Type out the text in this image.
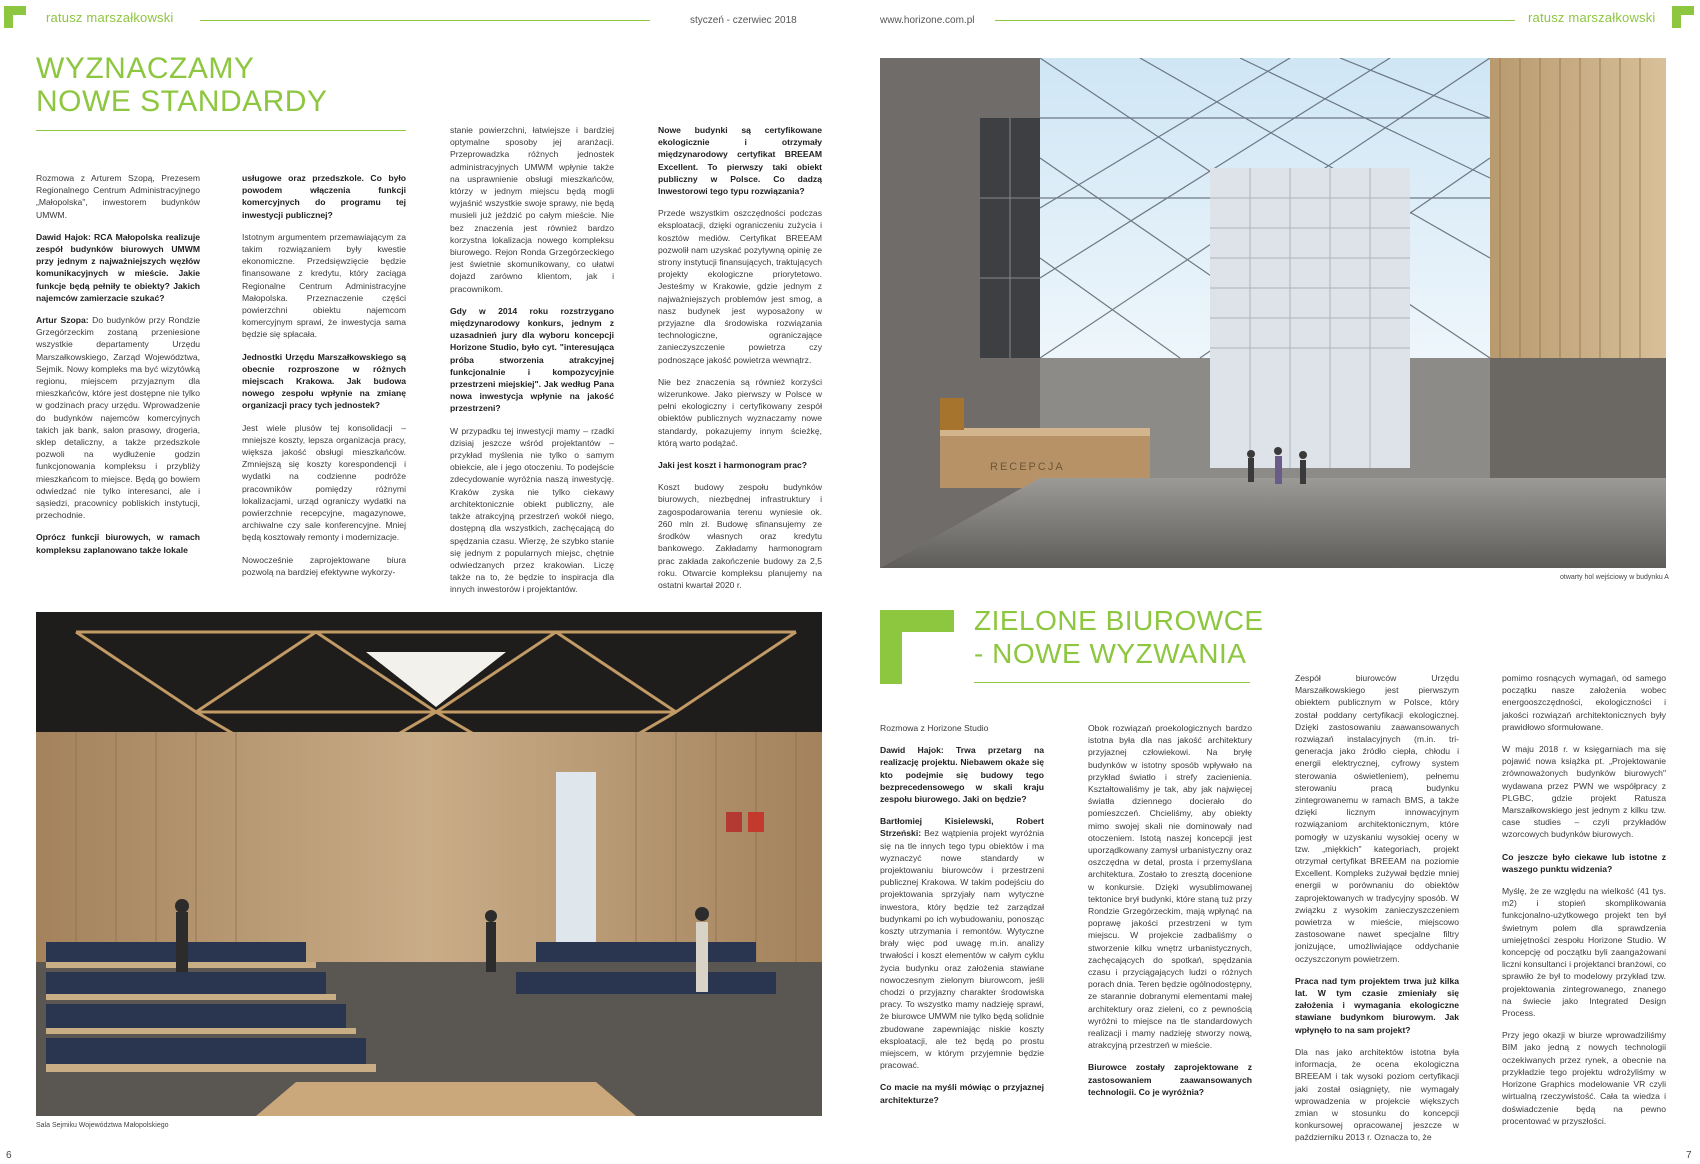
ratusz marszałkowski	styczeń - czerwiec 2018	www.horizone.com.pl	ratusz marszałkowski
WYZNACZAMY
NOWE STANDARDY

Rozmowa z Arturem Szopą, Prezesem Regionalnego Centrum Administracyjnego „Małopolska", inwestorem budynków UMWM.

Dawid Hajok: RCA Małopolska realizuje zespół budynków biurowych UMWM przy jednym z najważniejszych węzłów komunikacyjnych w mieście. Jakie funkcje będą pełniły te obiekty? Jakich najemców zamierzacie szukać?

Artur Szopa: Do budynków przy Rondzie Grzegórzeckim zostaną przeniesione wszystkie departamenty Urzędu Marszałkowskiego, Zarząd Województwa, Sejmik. Nowy kompleks ma być wizytówką regionu, miejscem przyjaznym dla mieszkańców, które jest dostępne nie tylko w godzinach pracy urzędu. Wprowadzenie do budynków najemców komercyjnych takich jak bank, salon prasowy, drogeria, sklep detaliczny, a także przedszkole pozwoli na wydłużenie godzin funkcjonowania kompleksu i przybliży mieszkańcom to miejsce. Będą go bowiem odwiedzać nie tylko interesanci, ale i sąsiedzi, pracownicy pobliskich instytucji, przechodnie.

Oprócz funkcji biurowych, w ramach kompleksu zaplanowano także lokale

usługowe oraz przedszkole. Co było powodem włączenia funkcji komercyjnych do programu tej inwestycji publicznej?

Istotnym argumentem przemawiającym za takim rozwiązaniem były kwestie ekonomiczne. Przedsięwzięcie będzie finansowane z kredytu, który zaciąga Regionalne Centrum Administracyjne Małopolska. Przeznaczenie części powierzchni obiektu najemcom komercyjnym sprawi, że inwestycja sama będzie się spłacała.

Jednostki Urzędu Marszałkowskiego są obecnie rozproszone w różnych miejscach Krakowa. Jak budowa nowego zespołu wpłynie na zmianę organizacji pracy tych jednostek?

Jest wiele plusów tej konsolidacji – mniejsze koszty, lepsza organizacja pracy, większa jakość obsługi mieszkańców. Zmniejszą się koszty korespondencji i wydatki na codzienne podróże pracowników pomiędzy różnymi lokalizacjami, urząd ograniczy wydatki na powierzchnie recepcyjne, magazynowe, archiwalne czy sale konferencyjne. Mniej będą kosztowały remonty i modernizacje.

Nowocześnie zaprojektowane biura pozwolą na bardziej efektywne wykorzy-

stanie powierzchni, łatwiejsze i bardziej optymalne sposoby jej aranżacji. Przeprowadzka różnych jednostek administracyjnych UMWM wpłynie także na usprawnienie obsługi mieszkańców, którzy w jednym miejscu będą mogli wyjaśnić wszystkie swoje sprawy, nie będą musieli już jeździć po całym mieście. Nie bez znaczenia jest również bardzo korzystna lokalizacja nowego kompleksu biurowego. Rejon Ronda Grzegórzeckiego jest świetnie skomunikowany, co ułatwi dojazd zarówno klientom, jak i pracownikom.

Gdy w 2014 roku rozstrzygano międzynarodowy konkurs, jednym z uzasadnień jury dla wyboru koncepcji Horizone Studio, było cyt. "interesująca próba stworzenia atrakcyjnej funkcjonalnie i kompozycyjnie przestrzeni miejskiej". Jak według Pana nowa inwestycja wpłynie na jakość przestrzeni?

W przypadku tej inwestycji mamy – rzadki dzisiaj jeszcze wśród projektantów – przykład myślenia nie tylko o samym obiekcie, ale i jego otoczeniu. To podejście zdecydowanie wyróżnia naszą inwestycję. Kraków zyska nie tylko ciekawy architektonicznie obiekt publiczny, ale także atrakcyjną przestrzeń wokół niego, dostępną dla wszystkich, zachęcającą do spędzania czasu. Wierzę, że szybko stanie się jednym z popularnych miejsc, chętnie odwiedzanych przez krakowian. Liczę także na to, że będzie to inspiracja dla innych inwestorów i projektantów.

Nowe budynki są certyfikowane ekologicznie i otrzymały międzynarodowy certyfikat BREEAM Excellent. To pierwszy taki obiekt publiczny w Polsce. Co dadzą Inwestorowi tego typu rozwiązania?

Przede wszystkim oszczędności podczas eksploatacji, dzięki ograniczeniu zużycia i kosztów mediów. Certyfikat BREEAM pozwolił nam uzyskać pozytywną opinię ze strony instytucji finansujących, traktujących projekty ekologiczne priorytetowo. Jesteśmy w Krakowie, gdzie jednym z najważniejszych problemów jest smog, a nasz budynek jest wyposażony w przyjazne dla środowiska rozwiązania technologiczne, ograniczające zanieczyszczenie powietrza czy podnoszące jakość powietrza wewnątrz.

Nie bez znaczenia są również korzyści wizerunkowe. Jako pierwszy w Polsce w pełni ekologiczny i certyfikowany zespół obiektów publicznych wyznaczamy nowe standardy, pokazujemy innym ścieżkę, którą warto podążać.

Jaki jest koszt i harmonogram prac?

Koszt budowy zespołu budynków biurowych, niezbędnej infrastruktury i zagospodarowania terenu wyniesie ok. 260 mln zł. Budowę sfinansujemy ze środków własnych oraz kredytu bankowego. Zakładamy harmonogram prac zakłada zakończenie budowy za 2,5 roku. Otwarcie kompleksu planujemy na ostatni kwartał 2020 r.

RECEPCJA
otwarty hol wejściowy w budynku A
Sala Sejmiku Województwa Małopolskiego
ZIELONE BIUROWCE
- NOWE WYZWANIA

Rozmowa z Horizone Studio

Dawid Hajok: Trwa przetarg na realizację projektu. Niebawem okaże się kto podejmie się budowy tego bezprecedensowego w skali kraju zespołu biurowego. Jaki on będzie?

Bartłomiej Kisielewski, Robert Strzeński: Bez wątpienia projekt wyróżnia się na tle innych tego typu obiektów i ma wyznaczyć nowe standardy w projektowaniu biurowców i przestrzeni publicznej Krakowa. W takim podejściu do projektowania sprzyjały nam wytyczne inwestora, który będzie też zarządzał budynkami po ich wybudowaniu, ponosząc koszty utrzymania i remontów. Wytyczne brały więc pod uwagę m.in. analizy trwałości i koszt elementów w całym cyklu życia budynku oraz założenia stawiane nowoczesnym zielonym biurowcom, jeśli chodzi o przyjazny charakter środowiska pracy. To wszystko mamy nadzieję sprawi, że biurowce UMWM nie tylko będą solidnie zbudowane zapewniając niskie koszty eksploatacji, ale też będą po prostu miejscem, w którym przyjemnie będzie pracować.

Co macie na myśli mówiąc o przyjaznej architekturze?

Obok rozwiązań proekologicznych bardzo istotna była dla nas jakość architektury przyjaznej człowiekowi. Na bryłę budynków w istotny sposób wpływało na przykład światło i strefy zacienienia. Kształtowaliśmy je tak, aby jak najwięcej światła dziennego docierało do pomieszczeń. Chcieliśmy, aby obiekty mimo swojej skali nie dominowały nad otoczeniem. Istotą naszej koncepcji jest uporządkowany zamysł urbanistyczny oraz oszczędna w detal, prosta i przemyślana architektura. Zostało to zresztą docenione w konkursie. Dzięki wysublimowanej tektonice brył budynki, które staną tuż przy Rondzie Grzegórzeckim, mają wpłynąć na poprawę jakości przestrzeni w tym miejscu. W projekcie zadbaliśmy o stworzenie kilku wnętrz urbanistycznych, zachęcających do spotkań, spędzania czasu i przyciągających ludzi o różnych porach dnia. Teren będzie ogólnodostępny, ze starannie dobranymi elementami małej architektury oraz zieleni, co z pewnością wyróżni to miejsce na tle standardowych realizacji i mamy nadzieję stworzy nową, atrakcyjną przestrzeń w mieście.

Biurowce zostały zaprojektowane z zastosowaniem zaawansowanych technologii. Co je wyróżnia?

Zespół biurowców Urzędu Marszałkowskiego jest pierwszym obiektem publicznym w Polsce, który został poddany certyfikacji ekologicznej. Dzięki zastosowaniu zaawansowanych rozwiązań instalacyjnych (m.in. tri-generacja jako źródło ciepła, chłodu i energii elektrycznej, cyfrowy system sterowania oświetleniem), pełnemu sterowaniu pracą budynku zintegrowanemu w ramach BMS, a także dzięki licznym innowacyjnym rozwiązaniom architektonicznym, które pomogły w uzyskaniu wysokiej oceny w tzw. „miękkich" kategoriach, projekt otrzymał certyfikat BREEAM na poziomie Excellent. Kompleks zużywał będzie mniej energii w porównaniu do obiektów zaprojektowanych w tradycyjny sposób. W związku z wysokim zanieczyszczeniem powietrza w mieście, miejscowo zastosowane nawet specjalne filtry jonizujące, umożliwiające oddychanie oczyszczonym powietrzem.

Praca nad tym projektem trwa już kilka lat. W tym czasie zmieniały się założenia i wymagania ekologiczne stawiane budynkom biurowym. Jak wpłynęło to na sam projekt?

Dla nas jako architektów istotna była informacja, że ocena ekologiczna BREEAM i tak wysoki poziom certyfikacji jaki został osiągnięty, nie wymagały wprowadzenia w projekcie większych zmian w stosunku do koncepcji konkursowej opracowanej jeszcze w październiku 2013 r. Oznacza to, że

pomimo rosnących wymagań, od samego początku nasze założenia wobec energooszczędności, ekologiczności i jakości rozwiązań architektonicznych były prawidłowo sformułowane.

W maju 2018 r. w księgarniach ma się pojawić nowa książka pt. „Projektowanie zrównoważonych budynków biurowych" wydawana przez PWN we współpracy z PLGBC, gdzie projekt Ratusza Marszałkowskiego jest jednym z kilku tzw. case studies – czyli przykładów wzorcowych budynków biurowych.

Co jeszcze było ciekawe lub istotne z waszego punktu widzenia?

Myślę, że ze względu na wielkość (41 tys. m2) i stopień skomplikowania funkcjonalno-użytkowego projekt ten był świetnym polem dla sprawdzenia umiejętności zespołu Horizone Studio. W koncepcję od początku byli zaangażowani liczni konsultanci i projektanci branżowi, co sprawiło że był to modelowy przykład tzw. projektowania zintegrowanego, znanego na świecie jako Integrated Design Process.

Przy jego okazji w biurze wprowadziliśmy BIM jako jedną z nowych technologii oczekiwanych przez rynek, a obecnie na przykładzie tego projektu wdrożyliśmy w Horizone Graphics modelowanie VR czyli wirtualną rzeczywistość. Cała ta wiedza i doświadczenie będą na pewno procentować w przyszłości.

6	7
